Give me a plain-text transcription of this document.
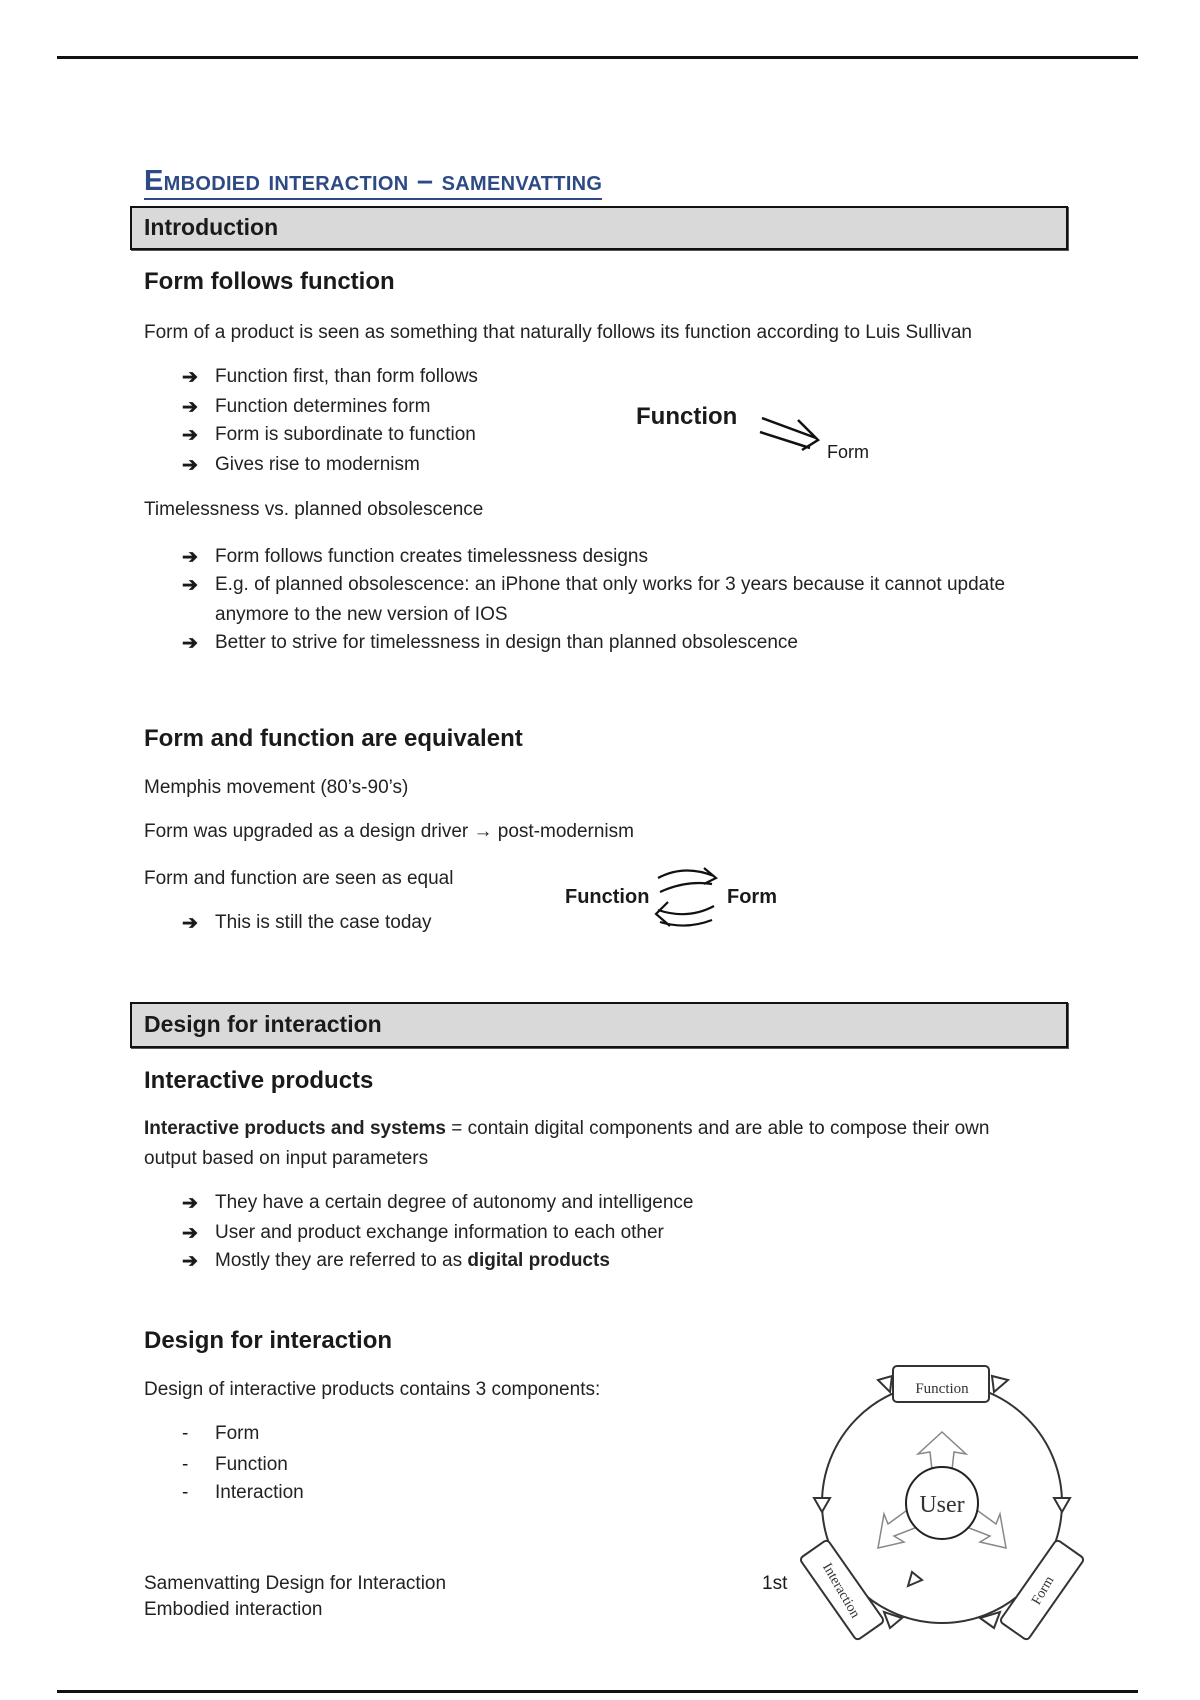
Embodied interaction – samenvatting
Introduction
Form follows function
Form of a product is seen as something that naturally follows its function according to Luis Sullivan
➔ Function first, than form follows
➔ Function determines form
➔ Form is subordinate to function
➔ Gives rise to modernism
Function
Form
Timelessness vs. planned obsolescence
➔ Form follows function creates timelessness designs
➔ E.g. of planned obsolescence: an iPhone that only works for 3 years because it cannot update
anymore to the new version of IOS
➔ Better to strive for timelessness in design than planned obsolescence
Form and function are equivalent
Memphis movement (80’s-90’s)
Form was upgraded as a design driver → post-modernism
Form and function are seen as equal
➔ This is still the case today
Function	Form
Design for interaction
Interactive products
Interactive products and systems = contain digital components and are able to compose their own
output based on input parameters
➔ They have a certain degree of autonomy and intelligence
➔ User and product exchange information to each other
➔ Mostly they are referred to as digital products
Design for interaction
Design of interactive products contains 3 components:
- Form
- Function
- Interaction
Function
User
Interaction	Form
Samenvatting Design for Interaction
Embodied interaction
1st
